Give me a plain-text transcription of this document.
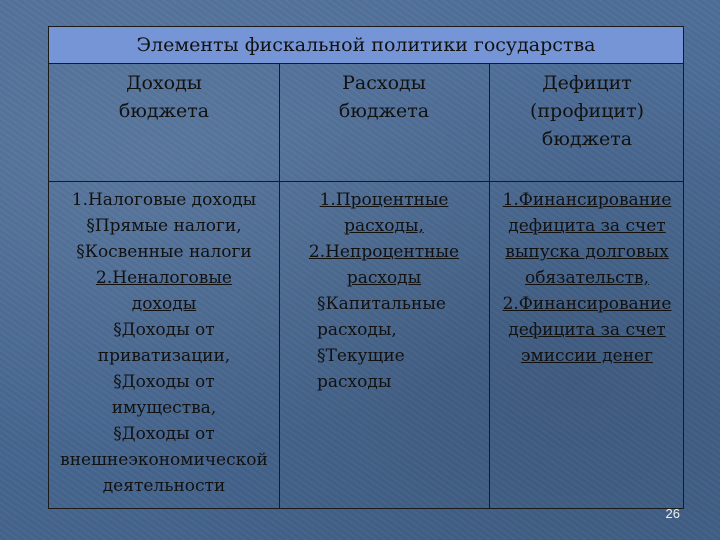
Элементы фискальной политики государства
Доходы
бюджета
Расходы
бюджета
Дефицит
(профицит)
бюджета
1.Налоговые доходы
§Прямые налоги,
§Косвенные налоги
2.Неналоговые
доходы
§Доходы от
приватизации,
§Доходы от
имущества,
§Доходы от
внешнеэкономической
деятельности
1.Процентные
расходы,
2.Непроцентные
расходы
§Капитальные
расходы,
§Текущие
расходы
1.Финансирование
дефицита за счет
выпуска долговых
обязательств,
2.Финансирование
дефицита за счет
эмиссии денег
26
